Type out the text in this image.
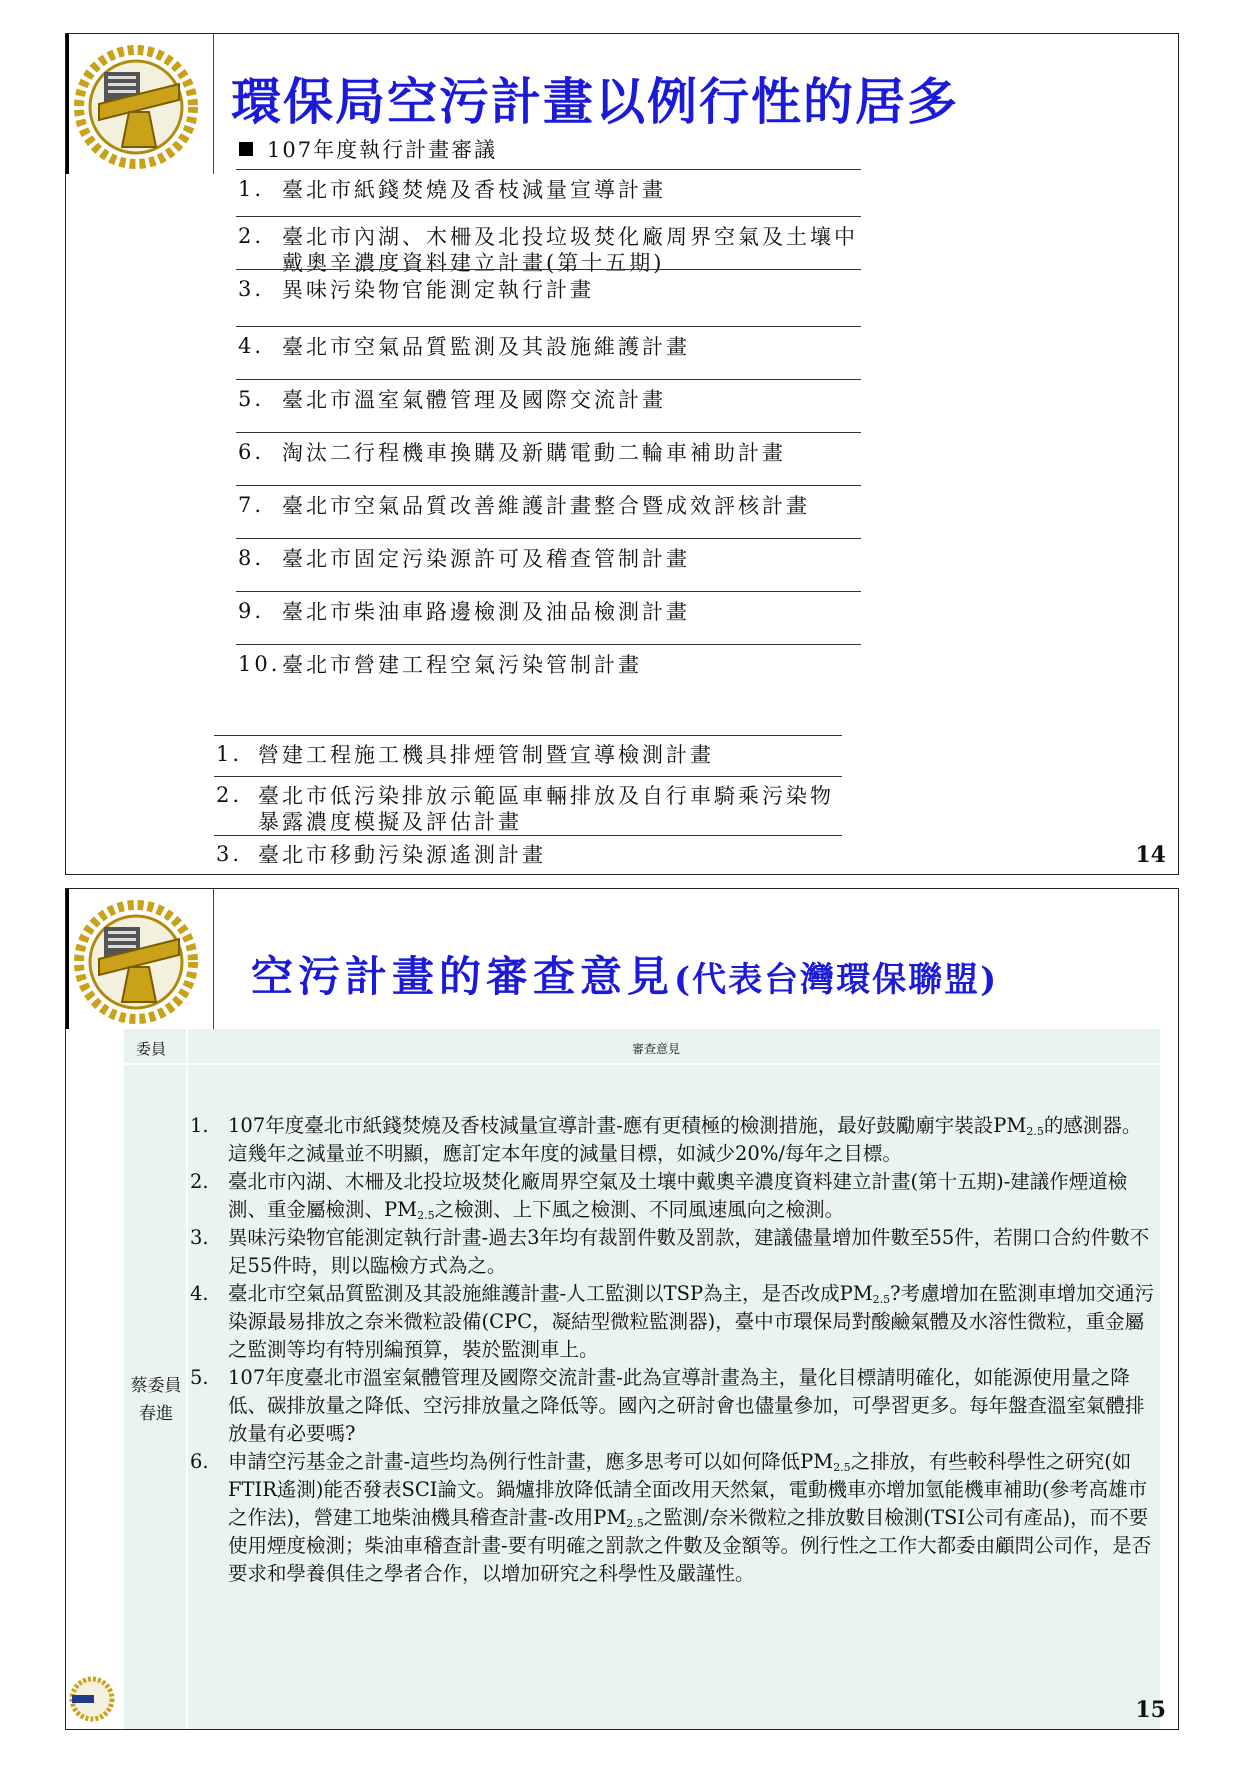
環保局空污計畫以例行性的居多
107年度執行計畫審議
1. 臺北市紙錢焚燒及香枝減量宣導計畫
2. 臺北市內湖、木柵及北投垃圾焚化廠周界空氣及土壤中戴奧辛濃度資料建立計畫(第十五期)
3. 異味污染物官能測定執行計畫
4. 臺北市空氣品質監測及其設施維護計畫
5. 臺北市溫室氣體管理及國際交流計畫
6. 淘汰二行程機車換購及新購電動二輪車補助計畫
7. 臺北市空氣品質改善維護計畫整合暨成效評核計畫
8. 臺北市固定污染源許可及稽查管制計畫
9. 臺北市柴油車路邊檢測及油品檢測計畫
10. 臺北市營建工程空氣污染管制計畫
1. 營建工程施工機具排煙管制暨宣導檢測計畫
2. 臺北市低污染排放示範區車輛排放及自行車騎乘污染物暴露濃度模擬及評估計畫
3. 臺北市移動污染源遙測計畫	14
空污計畫的審查意見(代表台灣環保聯盟)
委員	審查意見
蔡委員
春進
1. 107年度臺北市紙錢焚燒及香枝減量宣導計畫-應有更積極的檢測措施，最好鼓勵廟宇裝設$PM_{2.5}$的感測器。這幾年之減量並不明顯，應訂定本年度的減量目標，如減少20%/每年之目標。
2. 臺北市內湖、木柵及北投垃圾焚化廠周界空氣及土壤中戴奧辛濃度資料建立計畫(第十五期)-建議作煙道檢測、重金屬檢測、$PM_{2.5}$之檢測、上下風之檢測、不同風速風向之檢測。
3. 異味污染物官能測定執行計畫-過去3年均有裁罰件數及罰款，建議儘量增加件數至55件，若開口合約件數不足55件時，則以臨檢方式為之。
4. 臺北市空氣品質監測及其設施維護計畫-人工監測以TSP為主，是否改成$PM_{2.5}$?考慮增加在監測車增加交通污染源最易排放之奈米微粒設備(CPC，凝結型微粒監測器)，臺中市環保局對酸鹼氣體及水溶性微粒，重金屬之監測等均有特別編預算，裝於監測車上。
5. 107年度臺北市溫室氣體管理及國際交流計畫-此為宣導計畫為主，量化目標請明確化，如能源使用量之降低、碳排放量之降低、空污排放量之降低等。國內之研討會也儘量參加，可學習更多。每年盤查溫室氣體排放量有必要嗎?
6. 申請空污基金之計畫-這些均為例行性計畫，應多思考可以如何降低$PM_{2.5}$之排放，有些較科學性之研究(如FTIR遙測)能否發表SCI論文。鍋爐排放降低請全面改用天然氣，電動機車亦增加氫能機車補助(參考高雄市之作法)，營建工地柴油機具稽查計畫-改用$PM_{2.5}$之監測/奈米微粒之排放數目檢測(TSI公司有產品)，而不要使用煙度檢測；柴油車稽查計畫-要有明確之罰款之件數及金額等。例行性之工作大都委由顧問公司作，是否要求和學養俱佳之學者合作，以增加研究之科學性及嚴謹性。
15
